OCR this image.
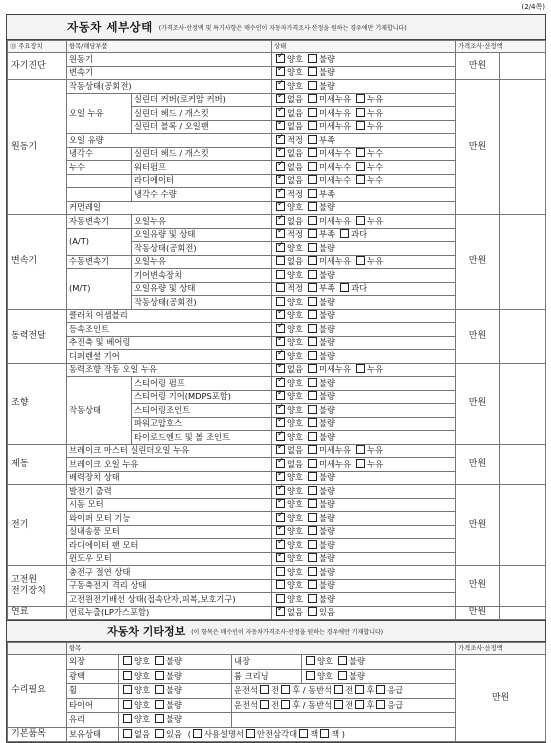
(2/4쪽)
자동차 세부상태 (가격조사·산정액 및 특기사항은 매수인이 자동차가격조사·산정을 원하는 경우에만 기재합니다)
⑬ 주요장치	항목/해당부품		상태	가격조사·산정액	
자기진단	원동기	✓양호 불량	만원	
	변속기	✓양호 불량
원동기	작동상태(공회전)	✓양호 불량	만원	
	오일 누유	실린더 커버(로커암 커버)	✓없음 미세누유 누유
		실린더 헤드 / 개스킷	✓없음 미세누유 누유
		실린더 블록 / 오일팬	✓없음 미세누유 누유
	오일 유량	✓적정 부족
	냉각수	실린더 헤드 / 개스킷	✓없음 미세누수 누수
	누수	워터펌프	✓없음 미세누수 누수
		라디에이터	✓없음 미세누수 누수
		냉각수 수량	✓적정 부족
	커먼레일	✓양호 불량
변속기	자동변속기	오일누유	✓없음 미세누유 누유	만원	
	(A/T)	오일유량 및 상태	✓적정 부족 과다
		작동상태(공회전)	✓양호 불량
	수동변속기	오일누유	없음 미세누유 누유		
	(M/T)	기어변속장치	양호 불량		
		오일유량 및 상태	적정 부족 과다		
		작동상태(공회전)	양호 불량		
동력전달	클러치 어셈블리	✓양호 불량	만원	
	등속조인트	✓양호 불량
	추진축 및 베어링	✓양호 불량
	디퍼렌셜 기어	✓양호 불량
조향	동력조향 작동 오일 누유	✓없음 미세누유 누유	만원	
	작동상태	스티어링 펌프	✓양호 불량
		스티어링 기어(MDPS포함)	✓양호 불량
		스티어링조인트	✓양호 불량
		파워고압호스	✓양호 불량
		타이로드엔드 및 볼 조인트	✓양호 불량
제동	브레이크 마스터 실린더오일 누유	✓없음 미세누유 누유	만원	
	브레이크 오일 누유	✓없음 미세누유 누유
	배력장치 상태	✓양호 불량
전기	발전기 출력	✓양호 불량	만원	
	시동 모터	✓양호 불량
	와이퍼 모터 기능	✓양호 불량
	실내송풍 모터	✓양호 불량
	라디에이터 팬 모터	✓양호 불량
	윈도우 모터	✓양호 불량

고전원
전기장치	충전구 절연 상태		양호 불량	만원	
	구동축전지 격리 상태		양호 불량		
	고전원전기배선 상태(접속단자,피복,보호기구)		양호 불량		
연료	연료누출(LP가스포함)	✓없음 있음	만원	
자동차 기타정보 (이 항목은 매수인이 자동차가격조사·산정을 원하는 경우에만 기재합니다)
	항목				가격조사·산정액
수리필요	외장	양호 불량	내장	양호 불량	만원
	광택	양호 불량	룸 크리닝	양호 불량	
	휠	양호 불량	운전석 전 후 / 동반석 전 후 응급		
	타이어	양호 불량	운전석 전 후 / 동반석 전 후 응급		
	유리	양호 불량			
기본품목	보유상태	없음 있음 ( 사용설명서 안전삼각대 잭 잭 )			
